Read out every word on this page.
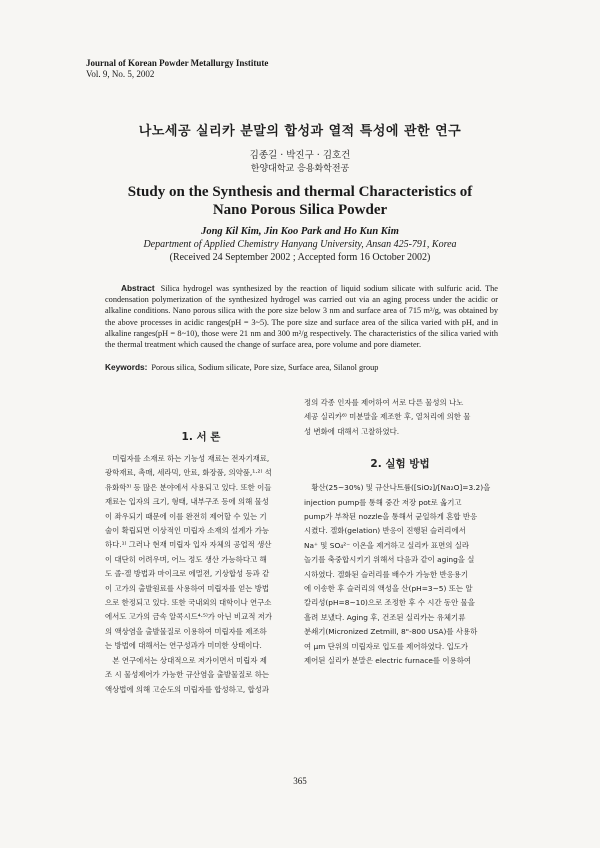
Journal of Korean Powder Metallurgy Institute
Vol. 9, No. 5, 2002
나노세공 실리카 분말의 합성과 열적 특성에 관한 연구
김종길 · 박진구 · 김호건
한양대학교 응용화학전공
Study on the Synthesis and thermal Characteristics of
Nano Porous Silica Powder
Jong Kil Kim, Jin Koo Park and Ho Kun Kim
Department of Applied Chemistry Hanyang University, Ansan 425-791, Korea
(Received 24 September 2002 ; Accepted form 16 October 2002)
Abstract Silica hydrogel was synthesized by the reaction of liquid sodium silicate with sulfuric acid. The condensation polymerization of the synthesized hydrogel was carried out via an aging process under the acidic or alkaline conditions. Nano porous silica with the pore size below 3 nm and surface area of 715 m²/g, was obtained by the above processes in acidic ranges(pH = 3~5). The pore size and surface area of the silica varied with pH, and in alkaline ranges(pH = 8~10), those were 21 nm and 300 m²/g respectively. The characteristics of the silica varied with the thermal treatment which caused the change of surface area, pore volume and pore diameter.
Keywords: Porous silica, Sodium silicate, Pore size, Surface area, Silanol group
1. 서 론
　미립자를 소재로 하는 기능성 재료는 전자기재료,
광학재료, 촉매, 세라믹, 안료, 화장품, 의약품,¹·²⁾ 석
유화학³⁾ 등 많은 분야에서 사용되고 있다. 또한 이들
재료는 입자의 크기, 형태, 내부구조 등에 의해 물성
이 좌우되기 때문에 이를 완전히 제어할 수 있는 기
술이 확립되면 이상적인 미립자 소재의 설계가 가능
하다.¹⁾ 그러나 현재 미립자 입자 자체의 공업적 생산
이 대단히 어려우며, 어느 정도 생산 가능하다고 해
도 졸-겔 방법과 마이크로 에멀젼, 기상합성 등과 같
이 고가의 출발원료를 사용하여 미립자를 얻는 방법
으로 한정되고 있다. 또한 국내외의 대학이나 연구소
에서도 고가의 금속 알콕시드⁴·⁵⁾가 아닌 비교적 저가
의 액상염을 출발물질로 이용하여 미립자를 제조하
는 방법에 대해서는 연구성과가 미미한 상태이다.
　본 연구에서는 상대적으로 저가이면서 미립자 제
조 시 물성제어가 가능한 규산염을 출발물질로 하는
액상법에 의해 고순도의 미립자를 합성하고, 합성과
정의 각종 인자를 제어하여 서로 다른 물성의 나노
세공 실리카⁶⁾ 미분말을 제조한 후, 열처리에 의한 물
성 변화에 대해서 고찰하였다.
2. 실험 방법
　황산(25~30%) 및 규산나트륨([SiO₂]/[Na₂O]=3.2)을
injection pump를 통해 중간 저장 pot로 옮기고
pump가 부착된 nozzle을 통해서 균일하게 혼합 반응
시켰다. 겔화(gelation) 반응이 진행된 슬러리에서
Na⁺ 및 SO₄²⁻ 이온을 제거하고 실리카 표면의 실라
놀기를 축중합시키기 위해서 다음과 같이 aging을 실
시하였다. 겔화된 슬러리를 배수가 가능한 반응용기
에 이송한 후 슬러리의 액성을 산(pH=3~5) 또는 알
칼리성(pH=8~10)으로 조정한 후 수 시간 동안 물을
흘려 보냈다. Aging 후, 건조된 실리카는 유체기류
분쇄기(Micronized Zetmill, 8"-800 USA)를 사용하
여 μm 단위의 미립자로 입도를 제어하였다. 입도가
제어된 실리카 분말은 electric furnace를 이용하여
365
